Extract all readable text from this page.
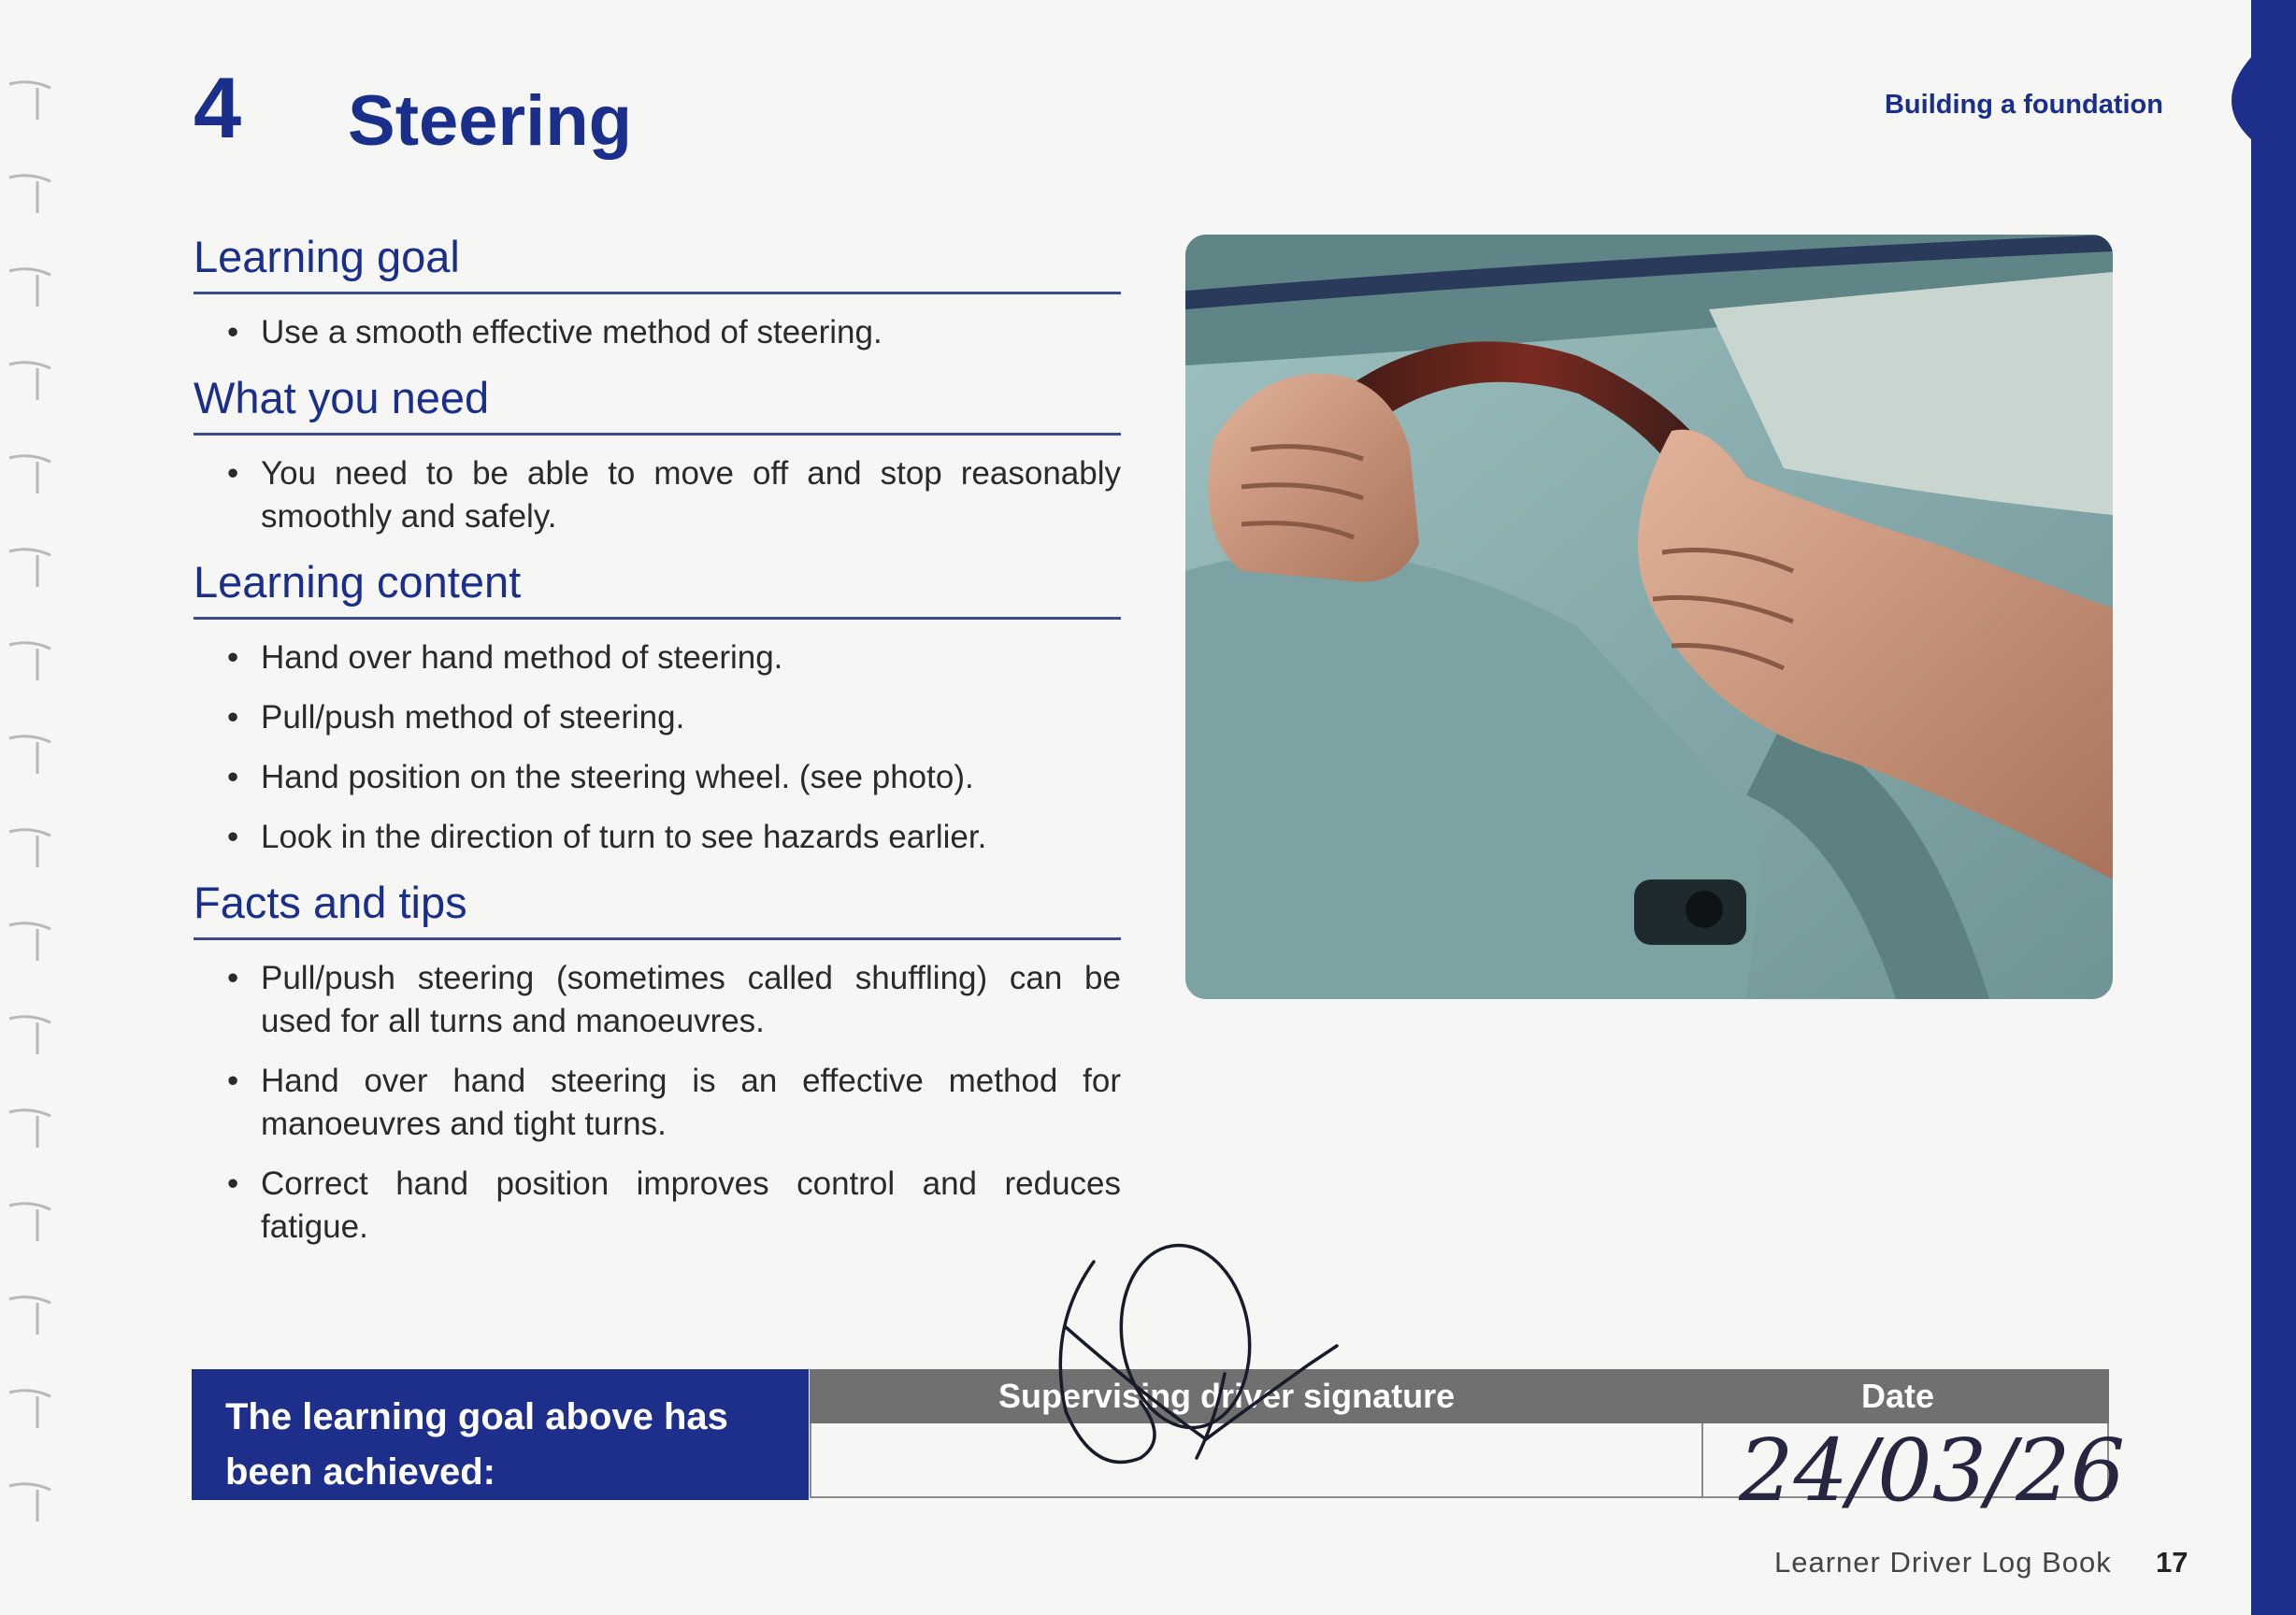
4 Steering	Building a foundation
Learning goal
• Use a smooth effective method of steering.
What you need
• You need to be able to move off and stop reasonably smoothly and safely.
Learning content
• Hand over hand method of steering.
• Pull/push method of steering.
• Hand position on the steering wheel. (see photo).
• Look in the direction of turn to see hazards earlier.
Facts and tips
• Pull/push steering (sometimes called shuffling) can be used for all turns and manoeuvres.
• Hand over hand steering is an effective method for manoeuvres and tight turns.
• Correct hand position improves control and reduces fatigue.
The learning goal above has been achieved:
Supervising driver signature	Date
24/03/26
Learner Driver Log Book 17
